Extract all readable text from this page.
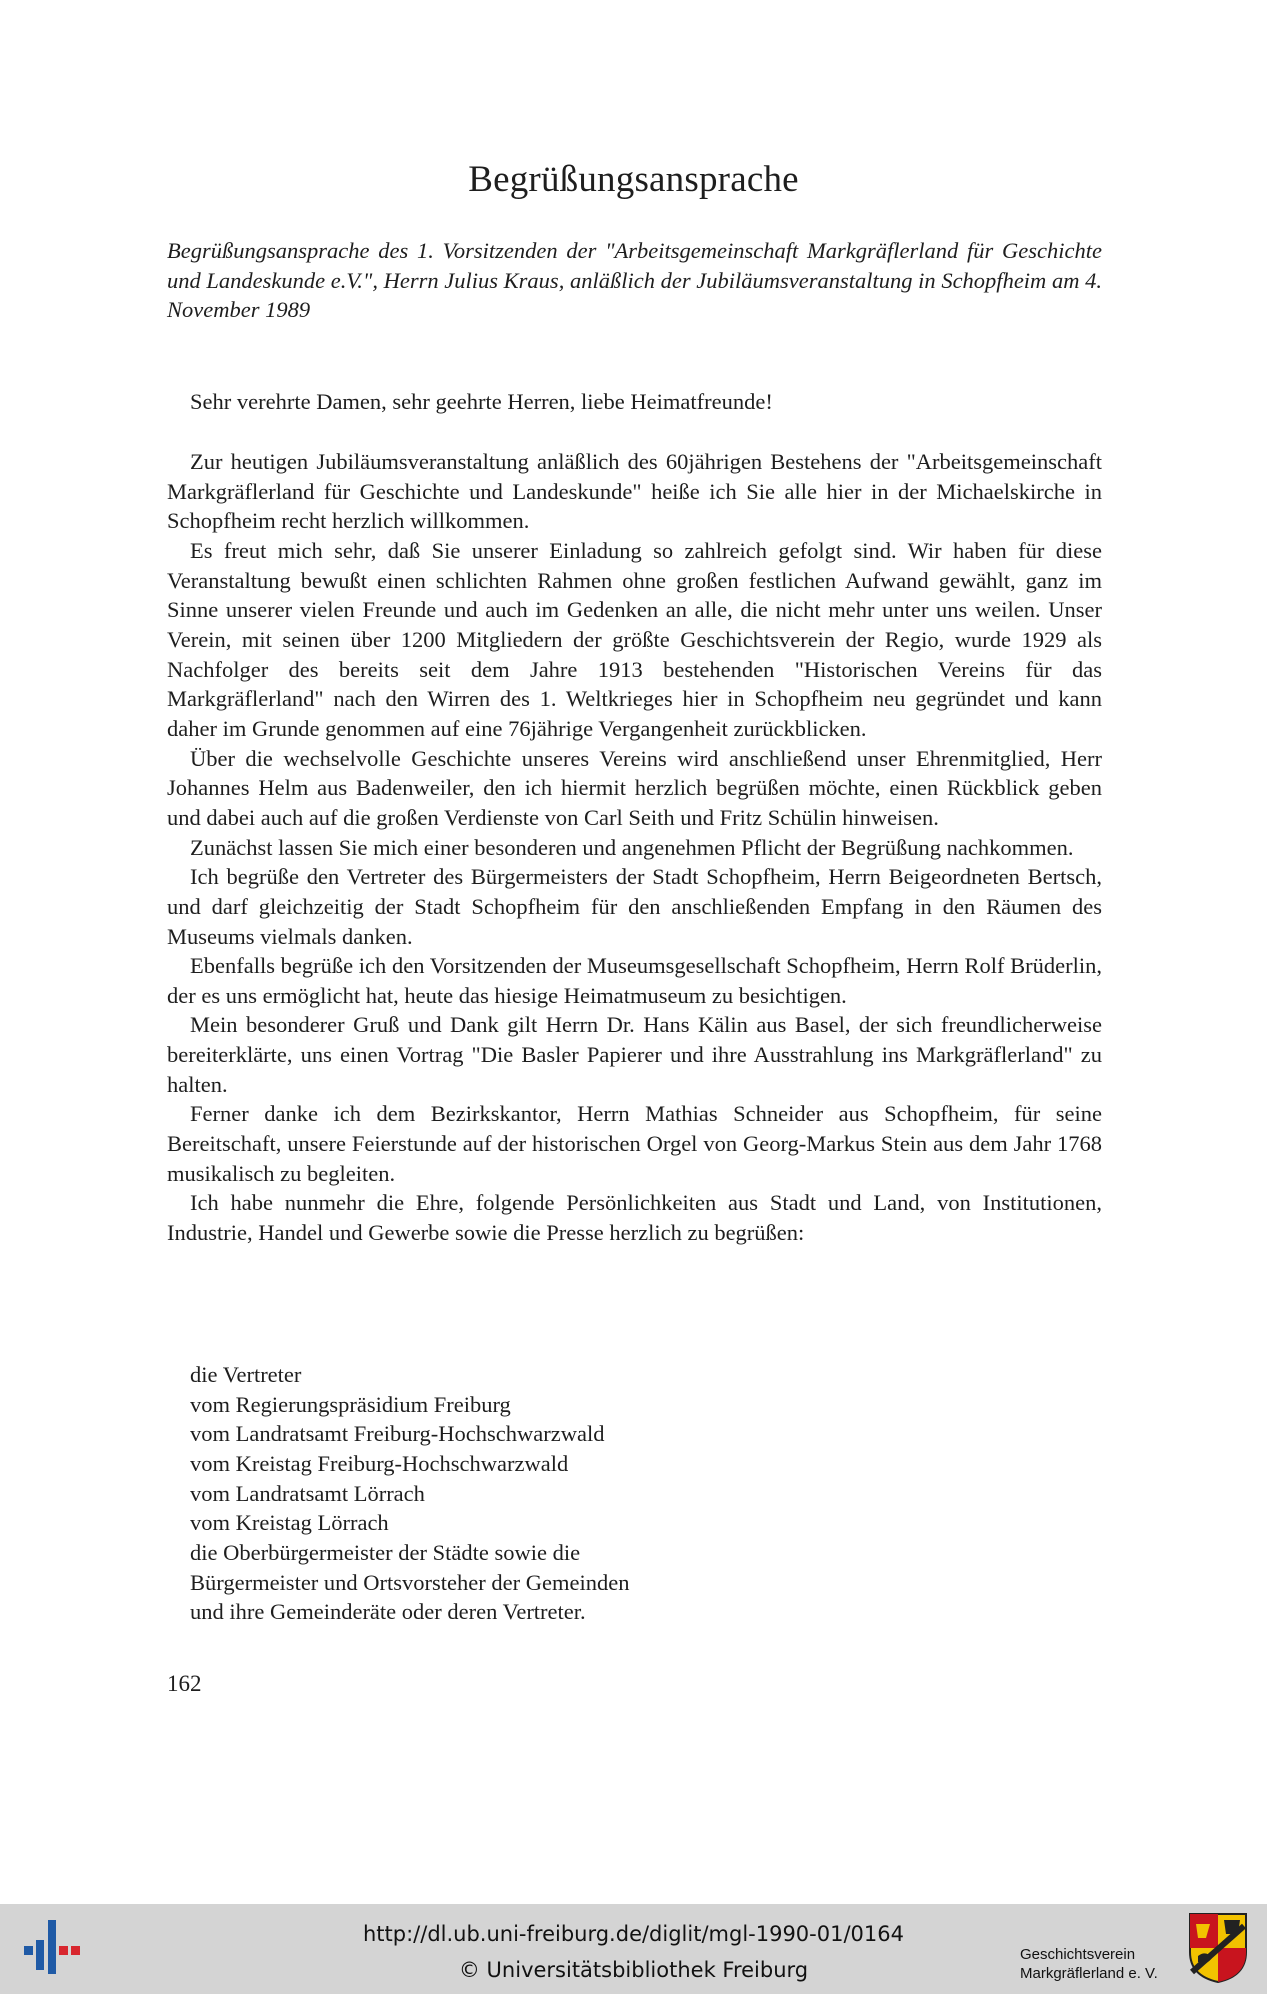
Begrüßungsansprache
Begrüßungsansprache des 1. Vorsitzenden der "Arbeitsgemeinschaft Markgräflerland für Geschichte und Landeskunde e.V.", Herrn Julius Kraus, anläßlich der Jubiläumsveranstaltung in Schopfheim am 4. November 1989
Sehr verehrte Damen, sehr geehrte Herren, liebe Heimatfreunde!

Zur heutigen Jubiläumsveranstaltung anläßlich des 60jährigen Bestehens der "Arbeitsgemeinschaft Markgräflerland für Geschichte und Landeskunde" heiße ich Sie alle hier in der Michaelskirche in Schopfheim recht herzlich willkommen.

Es freut mich sehr, daß Sie unserer Einladung so zahlreich gefolgt sind. Wir haben für diese Veranstaltung bewußt einen schlichten Rahmen ohne großen festlichen Aufwand gewählt, ganz im Sinne unserer vielen Freunde und auch im Gedenken an alle, die nicht mehr unter uns weilen. Unser Verein, mit seinen über 1200 Mitgliedern der größte Geschichtsverein der Regio, wurde 1929 als Nachfolger des bereits seit dem Jahre 1913 bestehenden "Historischen Vereins für das Markgräflerland" nach den Wirren des 1. Weltkrieges hier in Schopfheim neu gegründet und kann daher im Grunde genommen auf eine 76jährige Vergangenheit zurückblicken.

Über die wechselvolle Geschichte unseres Vereins wird anschließend unser Ehrenmitglied, Herr Johannes Helm aus Badenweiler, den ich hiermit herzlich begrüßen möchte, einen Rückblick geben und dabei auch auf die großen Verdienste von Carl Seith und Fritz Schülin hinweisen.

Zunächst lassen Sie mich einer besonderen und angenehmen Pflicht der Begrüßung nachkommen.

Ich begrüße den Vertreter des Bürgermeisters der Stadt Schopfheim, Herrn Beigeordneten Bertsch, und darf gleichzeitig der Stadt Schopfheim für den anschließenden Empfang in den Räumen des Museums vielmals danken.

Ebenfalls begrüße ich den Vorsitzenden der Museumsgesellschaft Schopfheim, Herrn Rolf Brüderlin, der es uns ermöglicht hat, heute das hiesige Heimatmuseum zu besichtigen.

Mein besonderer Gruß und Dank gilt Herrn Dr. Hans Kälin aus Basel, der sich freundlicherweise bereiterklärte, uns einen Vortrag "Die Basler Papierer und ihre Ausstrahlung ins Markgräflerland" zu halten.

Ferner danke ich dem Bezirkskantor, Herrn Mathias Schneider aus Schopfheim, für seine Bereitschaft, unsere Feierstunde auf der historischen Orgel von Georg-Markus Stein aus dem Jahr 1768 musikalisch zu begleiten.

Ich habe nunmehr die Ehre, folgende Persönlichkeiten aus Stadt und Land, von Institutionen, Industrie, Handel und Gewerbe sowie die Presse herzlich zu begrüßen:

die Vertreter
vom Regierungspräsidium Freiburg
vom Landratsamt Freiburg-Hochschwarzwald
vom Kreistag Freiburg-Hochschwarzwald
vom Landratsamt Lörrach
vom Kreistag Lörrach
die Oberbürgermeister der Städte sowie die
Bürgermeister und Ortsvorsteher der Gemeinden
und ihre Gemeinderäte oder deren Vertreter.
162
http://dl.ub.uni-freiburg.de/diglit/mgl-1990-01/0164
© Universitätsbibliothek Freiburg
Geschichtsverein
Markgräflerland e. V.
